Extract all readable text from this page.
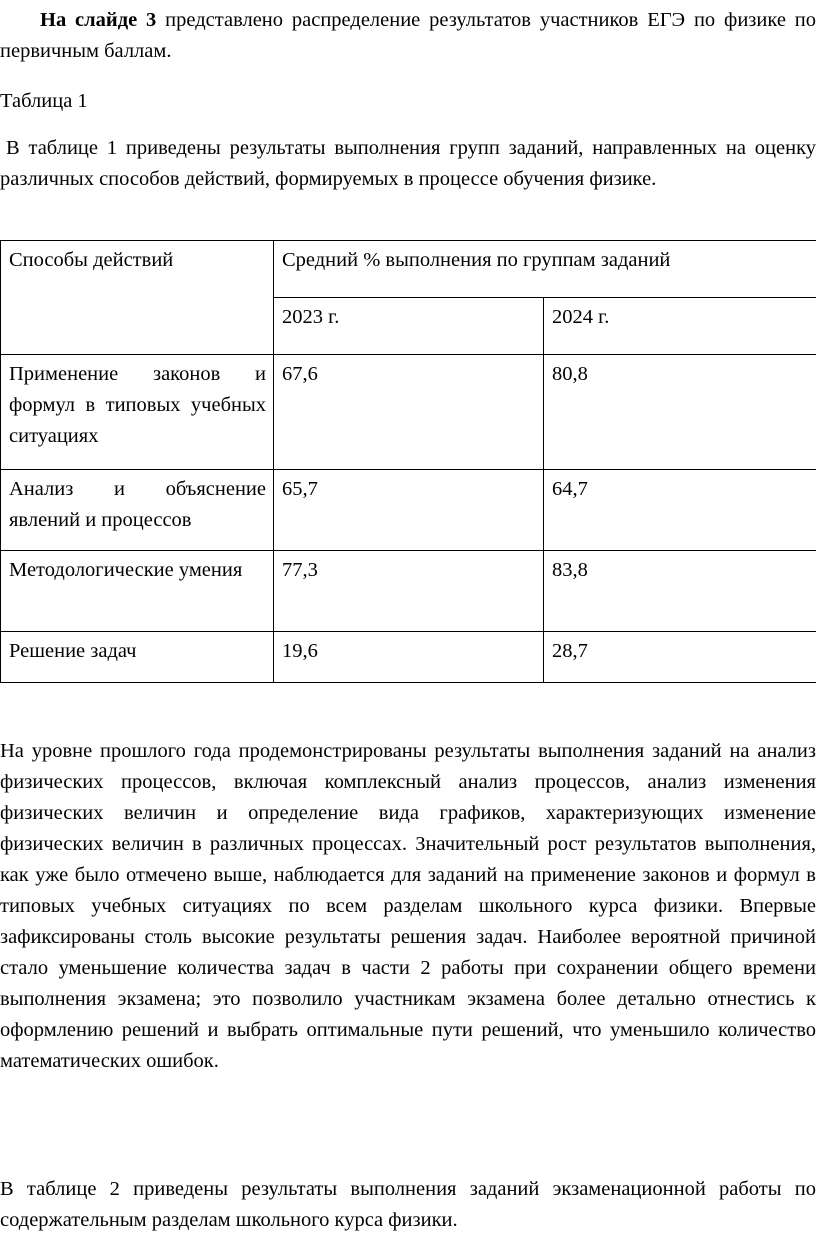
На слайде 3 представлено распределение результатов участников ЕГЭ по физике по первичным баллам.

Таблица 1

В таблице 1 приведены результаты выполнения групп заданий, направленных на оценку различных способов действий, формируемых в процессе обучения физике.

Способы действий	Средний % выполнения по группам заданий	
	2023 г.	2024 г.
Применение законов и формул в типовых учебных ситуациях	67,6	80,8
Анализ и объяснение явлений и процессов	65,7	64,7
Методологические умения	77,3	83,8
Решение задач	19,6	28,7

На уровне прошлого года продемонстрированы результаты выполнения заданий на анализ физических процессов, включая комплексный анализ процессов, анализ изменения физических величин и определение вида графиков, характеризующих изменение физических величин в различных процессах. Значительный рост результатов выполнения, как уже было отмечено выше, наблюдается для заданий на применение законов и формул в типовых учебных ситуациях по всем разделам школьного курса физики. Впервые зафиксированы столь высокие результаты решения задач. Наиболее вероятной причиной стало уменьшение количества задач в части 2 работы при сохранении общего времени выполнения экзамена; это позволило участникам экзамена более детально отнестись к оформлению решений и выбрать оптимальные пути решений, что уменьшило количество математических ошибок.

В таблице 2 приведены результаты выполнения заданий экзаменационной работы по содержательным разделам школьного курса физики.
